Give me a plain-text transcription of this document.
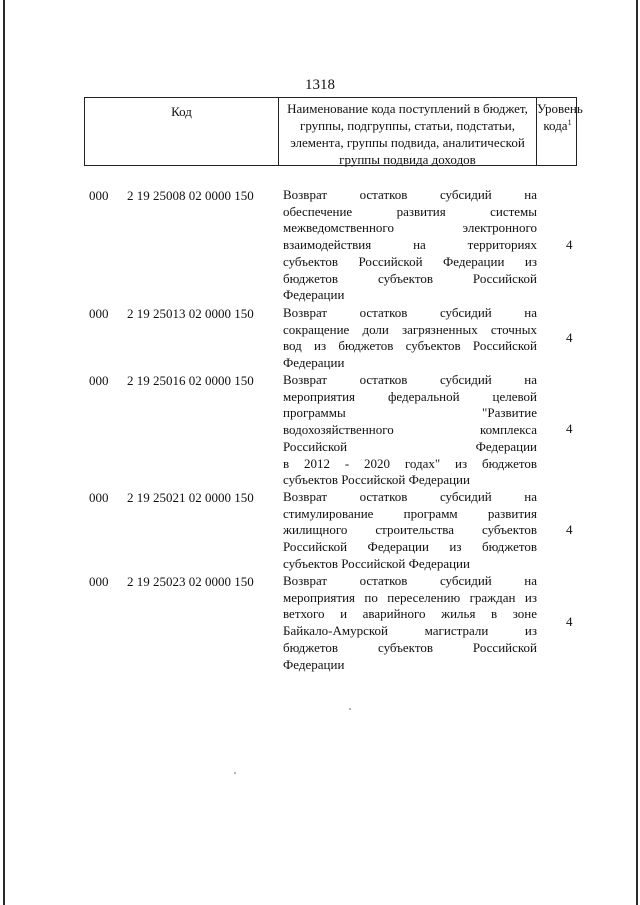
1318
Код	Наименование кода поступлений в бюджет, группы, подгруппы, статьи, подстатьи, элемента, группы подвида, аналитической группы подвида доходов
Уровень кода$^1$
000 2 19 25008 02 0000 150 Возврат остатков субсидий на
обеспечение развития системы
межведомственного электронного
взаимодействия на территориях
субъектов Российской Федерации из
бюджетов субъектов Российской
Федерации
4
000 2 19 25013 02 0000 150 Возврат остатков субсидий на
сокращение доли загрязненных сточных
вод из бюджетов субъектов Российской
Федерации
4
000 2 19 25016 02 0000 150 Возврат остатков субсидий на
мероприятия федеральной целевой
программы "Развитие
водохозяйственного комплекса
Российской Федерации
в 2012 - 2020 годах" из бюджетов
субъектов Российской Федерации
4
000 2 19 25021 02 0000 150 Возврат остатков субсидий на
стимулирование программ развития
жилищного строительства субъектов
Российской Федерации из бюджетов
субъектов Российской Федерации
4
000 2 19 25023 02 0000 150 Возврат остатков субсидий на
мероприятия по переселению граждан из
ветхого и аварийного жилья в зоне
Байкало-Амурской магистрали из
бюджетов субъектов Российской
Федерации
4
